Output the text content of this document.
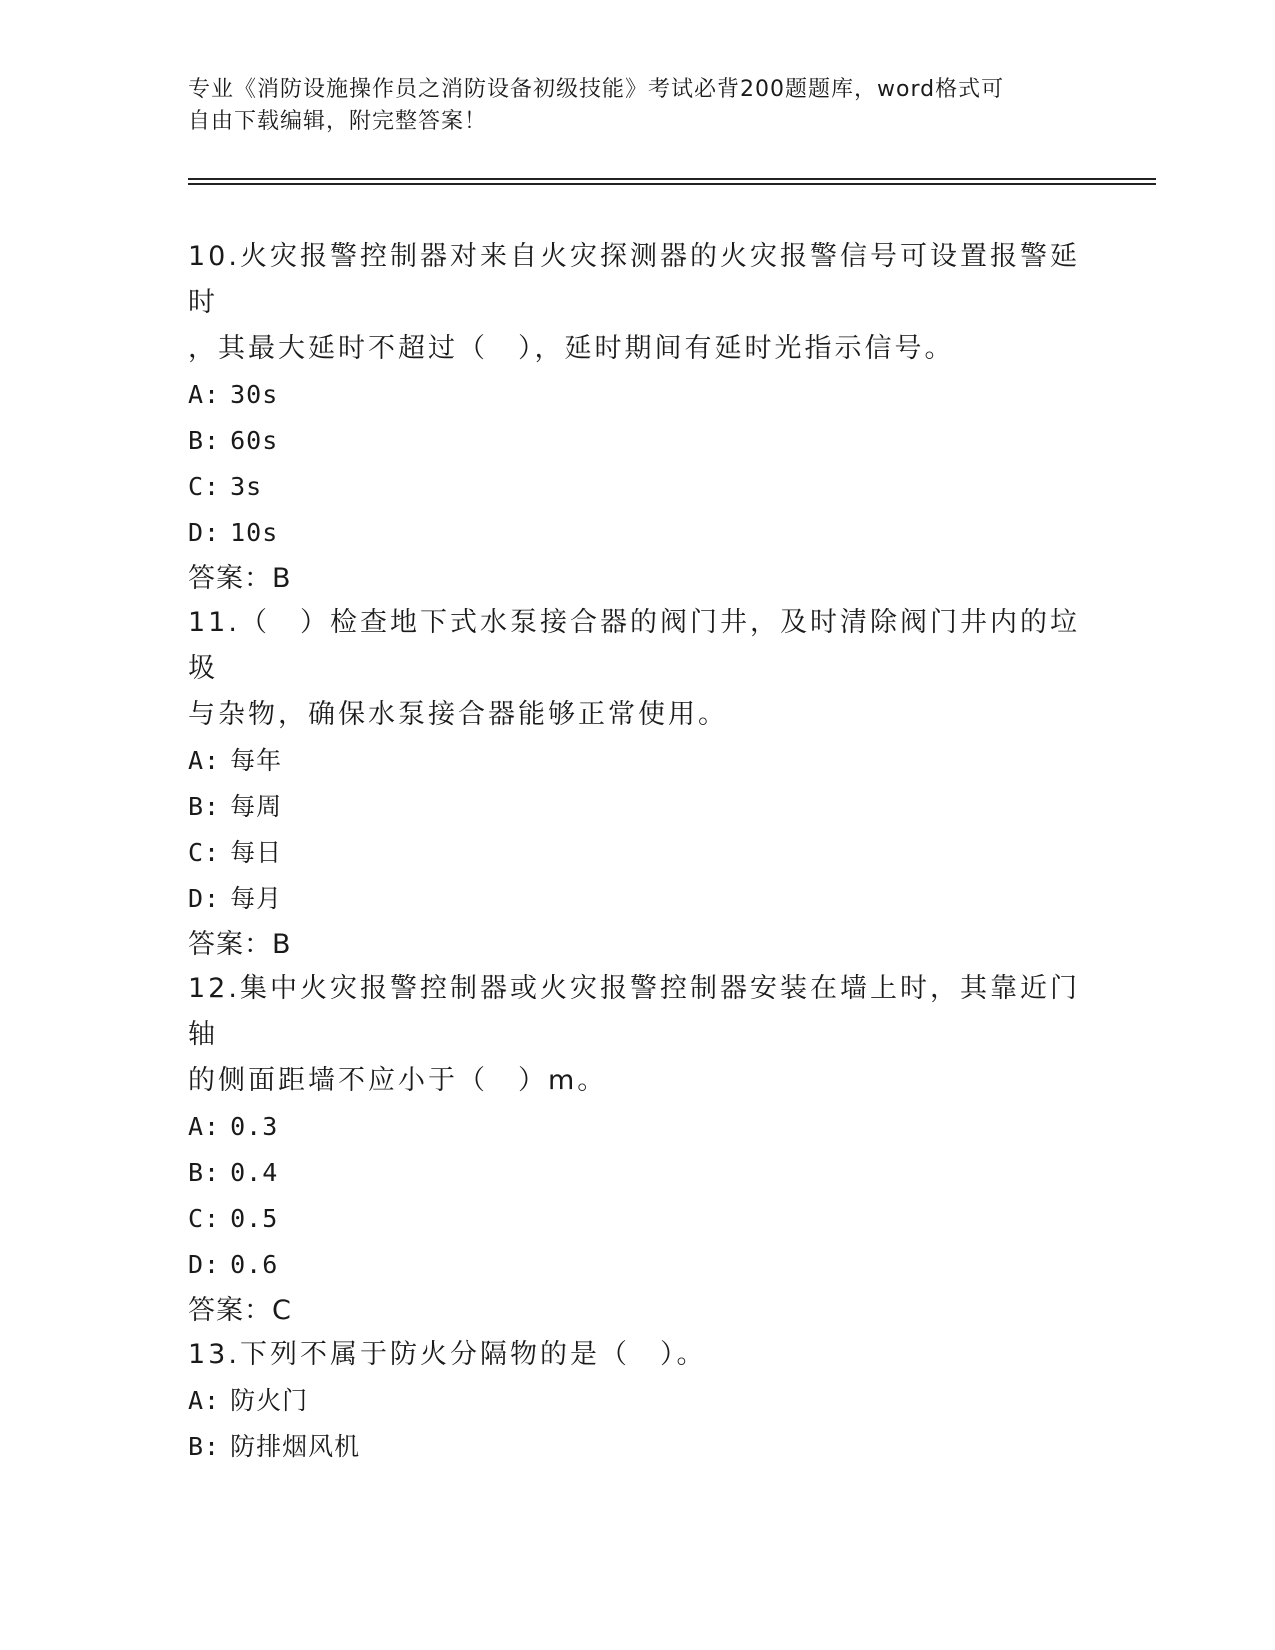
专业《消防设施操作员之消防设备初级技能》考试必背200题题库，word格式可
自由下载编辑，附完整答案！
10.火灾报警控制器对来自火灾探测器的火灾报警信号可设置报警延时
，其最大延时不超过（　），延时期间有延时光指示信号。
A: 30s
B: 60s
C: 3s
D: 10s
答案：B
11.（　）检查地下式水泵接合器的阀门井，及时清除阀门井内的垃圾
与杂物，确保水泵接合器能够正常使用。
A: 每年
B: 每周
C: 每日
D: 每月
答案：B
12.集中火灾报警控制器或火灾报警控制器安装在墙上时，其靠近门轴
的侧面距墙不应小于（　）m。
A: 0.3
B: 0.4
C: 0.5
D: 0.6
答案：C
13.下列不属于防火分隔物的是（　）。
A: 防火门
B: 防排烟风机
